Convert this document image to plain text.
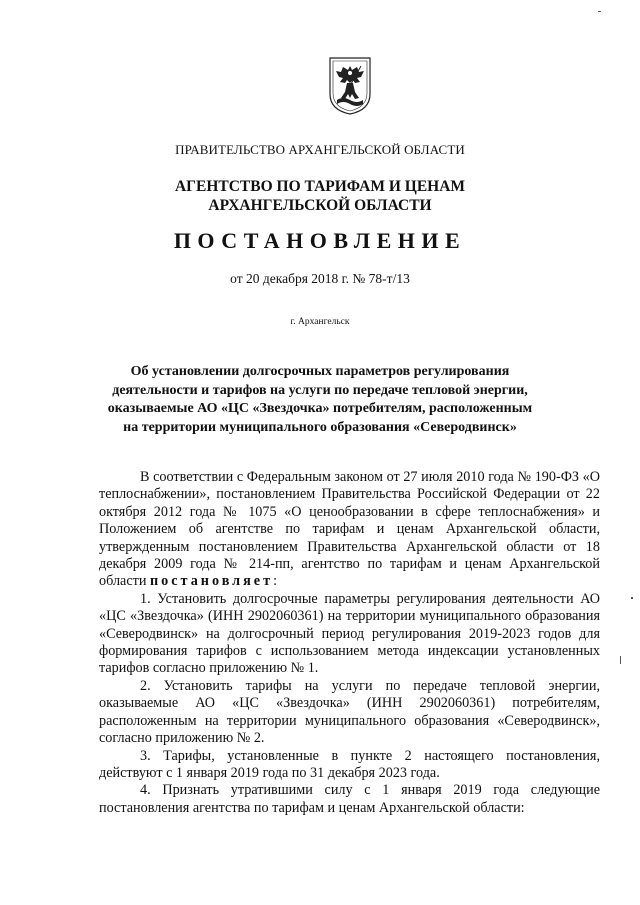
ПРАВИТЕЛЬСТВО АРХАНГЕЛЬСКОЙ ОБЛАСТИ
АГЕНТСТВО ПО ТАРИФАМ И ЦЕНАМ
АРХАНГЕЛЬСКОЙ ОБЛАСТИ
ПОСТАНОВЛЕНИЕ
от 20 декабря 2018 г. № 78-т/13
г. Архангельск
Об установлении долгосрочных параметров регулирования
деятельности и тарифов на услуги по передаче тепловой энергии,
оказываемые АО «ЦС «Звездочка» потребителям, расположенным
на территории муниципального образования «Северодвинск»

В соответствии с Федеральным законом от 27 июля 2010 года № 190-ФЗ «О теплоснабжении», постановлением Правительства Российской Федерации от 22 октября 2012 года № 1075 «О ценообразовании в сфере теплоснабжения» и Положением об агентстве по тарифам и ценам Архангельской области, утвержденным постановлением Правительства Архангельской области от 18 декабря 2009 года № 214-пп, агентство по тарифам и ценам Архангельской области постановляет:

1. Установить долгосрочные параметры регулирования деятельности АО «ЦС «Звездочка» (ИНН 2902060361) на территории муниципального образования «Северодвинск» на долгосрочный период регулирования 2019-2023 годов для формирования тарифов с использованием метода индексации установленных тарифов согласно приложению № 1.

2. Установить тарифы на услуги по передаче тепловой энергии, оказываемые АО «ЦС «Звездочка» (ИНН 2902060361) потребителям, расположенным на территории муниципального образования «Северодвинск», согласно приложению № 2.

3. Тарифы, установленные в пункте 2 настоящего постановления, действуют с 1 января 2019 года по 31 декабря 2023 года.

4. Признать утратившими силу с 1 января 2019 года следующие постановления агентства по тарифам и ценам Архангельской области:
